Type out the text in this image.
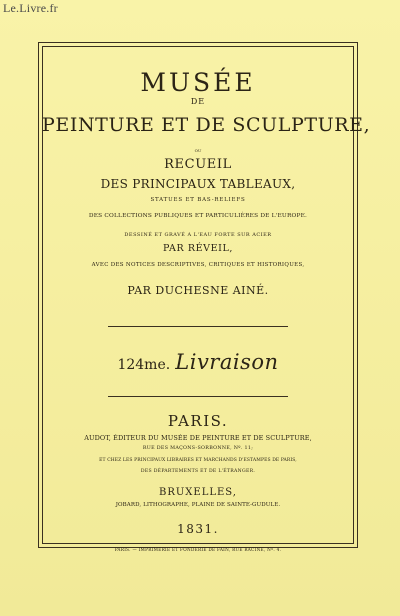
Le.Livre.fr
MUSÉE
DE
PEINTURE ET DE SCULPTURE,
OU
RECUEIL
DES PRINCIPAUX TABLEAUX,
STATUES ET BAS-RELIEFS
DES COLLECTIONS PUBLIQUES ET PARTICULIÈRES DE L'EUROPE.
DESSINÉ ET GRAVÉ A L'EAU FORTE SUR ACIER
PAR RÉVEIL,
AVEC DES NOTICES DESCRIPTIVES, CRITIQUES ET HISTORIQUES,
PAR DUCHESNE AINÉ.
124me. Livraison
PARIS.
AUDOT, ÉDITEUR DU MUSÉE DE PEINTURE ET DE SCULPTURE,
RUE DES MAÇONS-SORBONNE, Nº. 11;
ET CHEZ LES PRINCIPAUX LIBRAIRES ET MARCHANDS D'ESTAMPES DE PARIS,
DES DÉPARTEMENTS ET DE L'ÉTRANGER.
BRUXELLES,
JOBARD, LITHOGRAPHE, PLAINE DE SAINTE-GUDULE.
1831.
PARIS. — IMPRIMERIE ET FONDERIE DE FAIN, RUE RACINE, Nº. 4.
